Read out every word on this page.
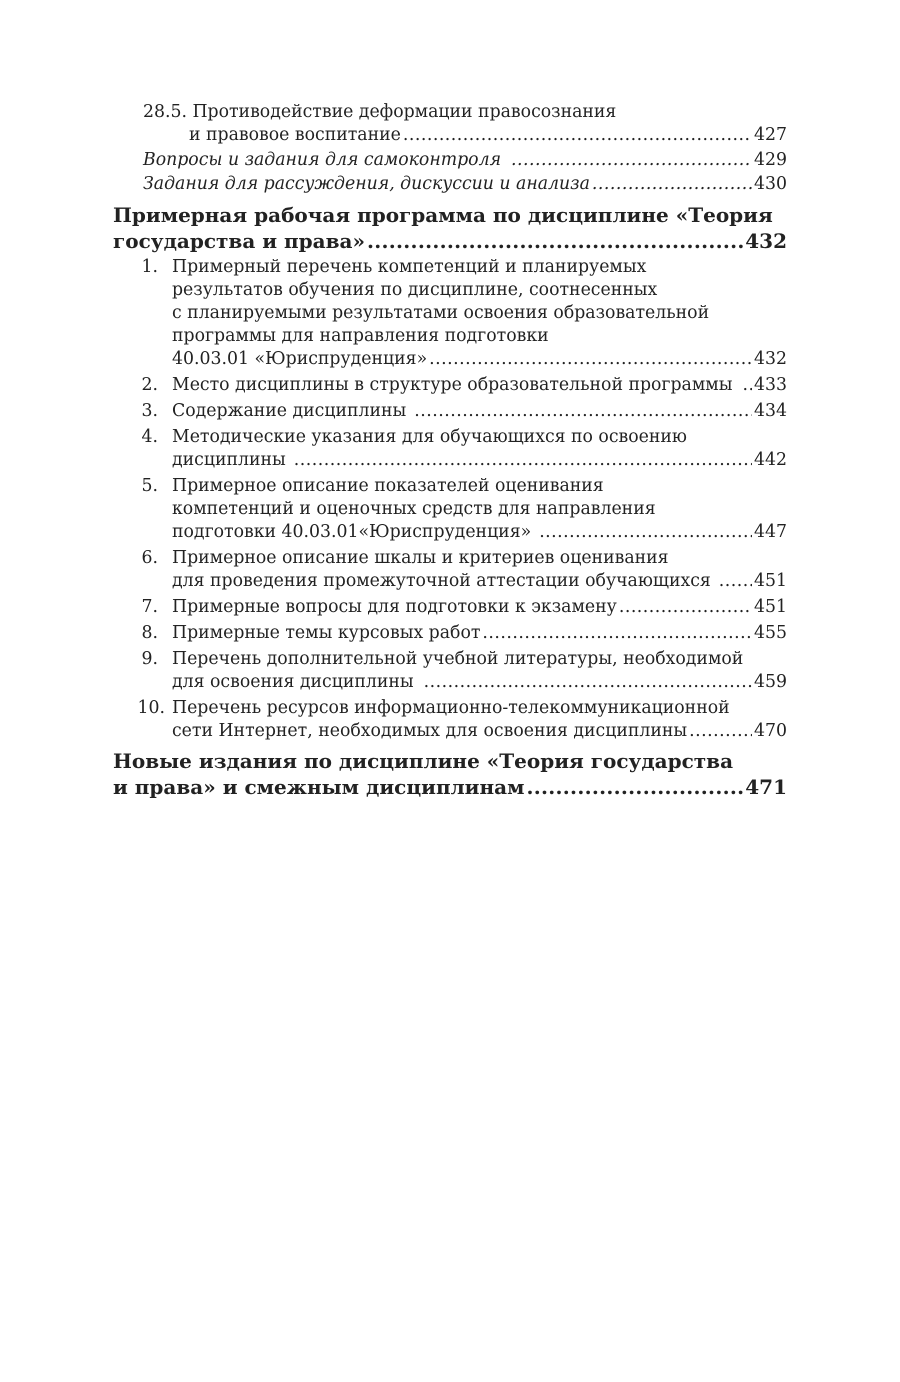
28.5. Противодействие деформации правосознания
и правовое воспитание .....	427
Вопросы и задания для самоконтроля .....	429
Задания для рассуждения, дискуссии и анализа .....	430
Примерная рабочая программа по дисциплине «Теория
государства и права» .....	432
1. Примерный перечень компетенций и планируемых
результатов обучения по дисциплине, соотнесенных
с планируемыми результатами освоения образовательной
программы для направления подготовки
40.03.01 «Юриспруденция» .....	432
2. Место дисциплины в структуре образовательной программы ..... 433
3. Содержание дисциплины .....	434
4. Методические указания для обучающихся по освоению
дисциплины .....	442
5. Примерное описание показателей оценивания
компетенций и оценочных средств для направления
подготовки 40.03.01«Юриспруденция» .....	447
6. Примерное описание шкалы и критериев оценивания
для проведения промежуточной аттестации обучающихся ..... 451
7. Примерные вопросы для подготовки к экзамену .....	451
8. Примерные темы курсовых работ .....	455
9. Перечень дополнительной учебной литературы, необходимой
для освоения дисциплины .....	459
10. Перечень ресурсов информационно-телекоммуникационной
сети Интернет, необходимых для освоения дисциплины .....	470
Новые издания по дисциплине «Теория государства
и права» и смежным дисциплинам .....	471
